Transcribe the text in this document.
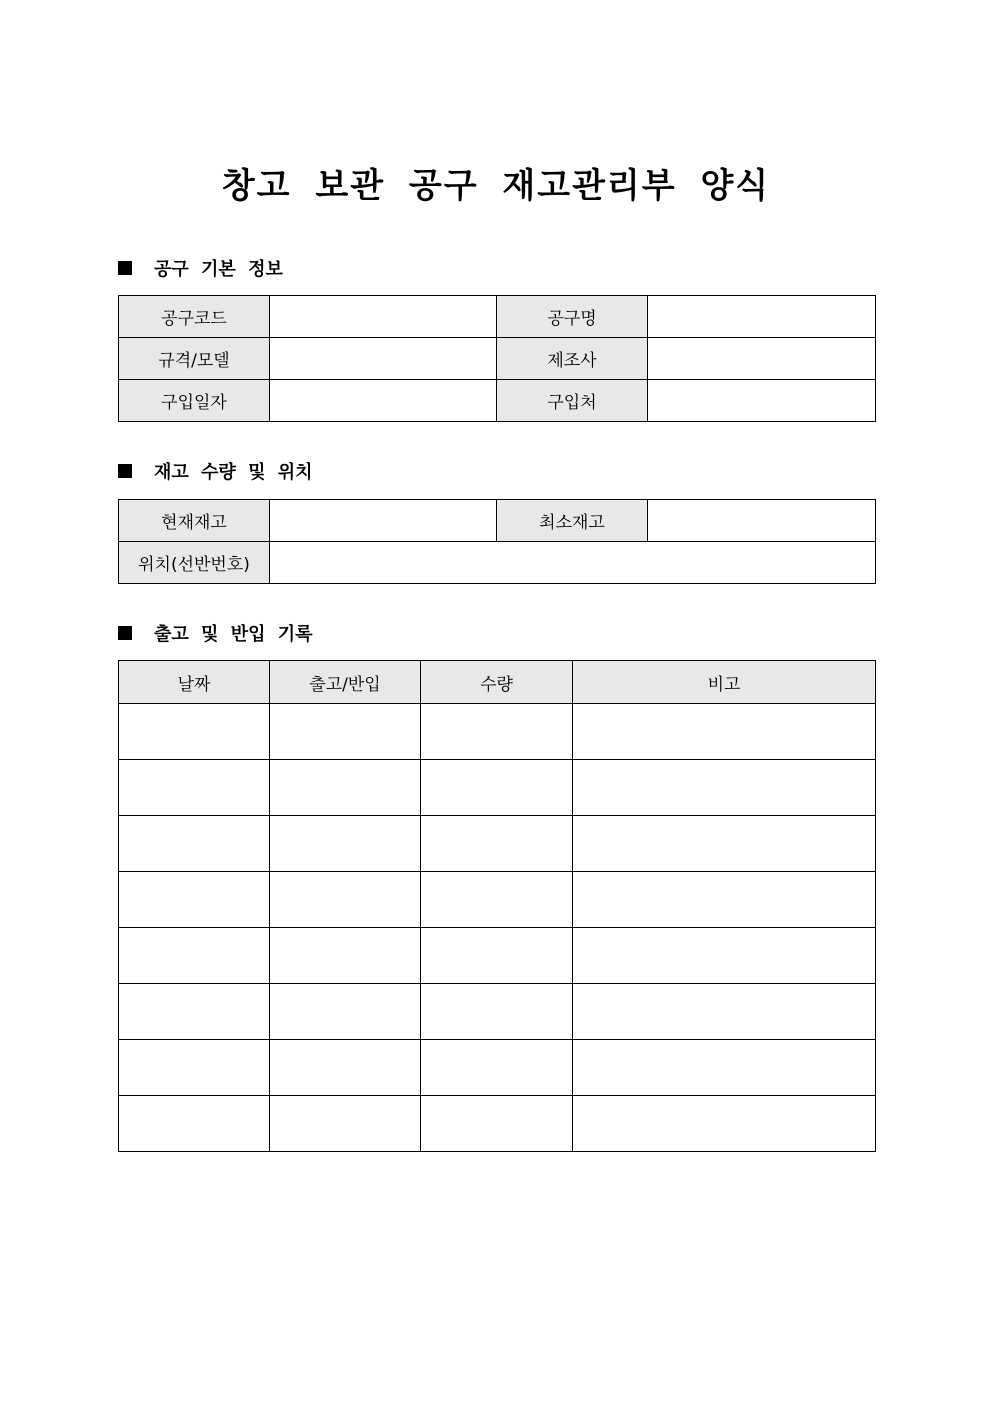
창고 보관 공구 재고관리부 양식
공구 기본 정보
공구코드		공구명	
규격/모델		제조사	
구입일자		구입처	
재고 수량 및 위치
현재재고		최소재고	
위치(선반번호)			
출고 및 반입 기록
날짜	출고/반입	수량	비고
